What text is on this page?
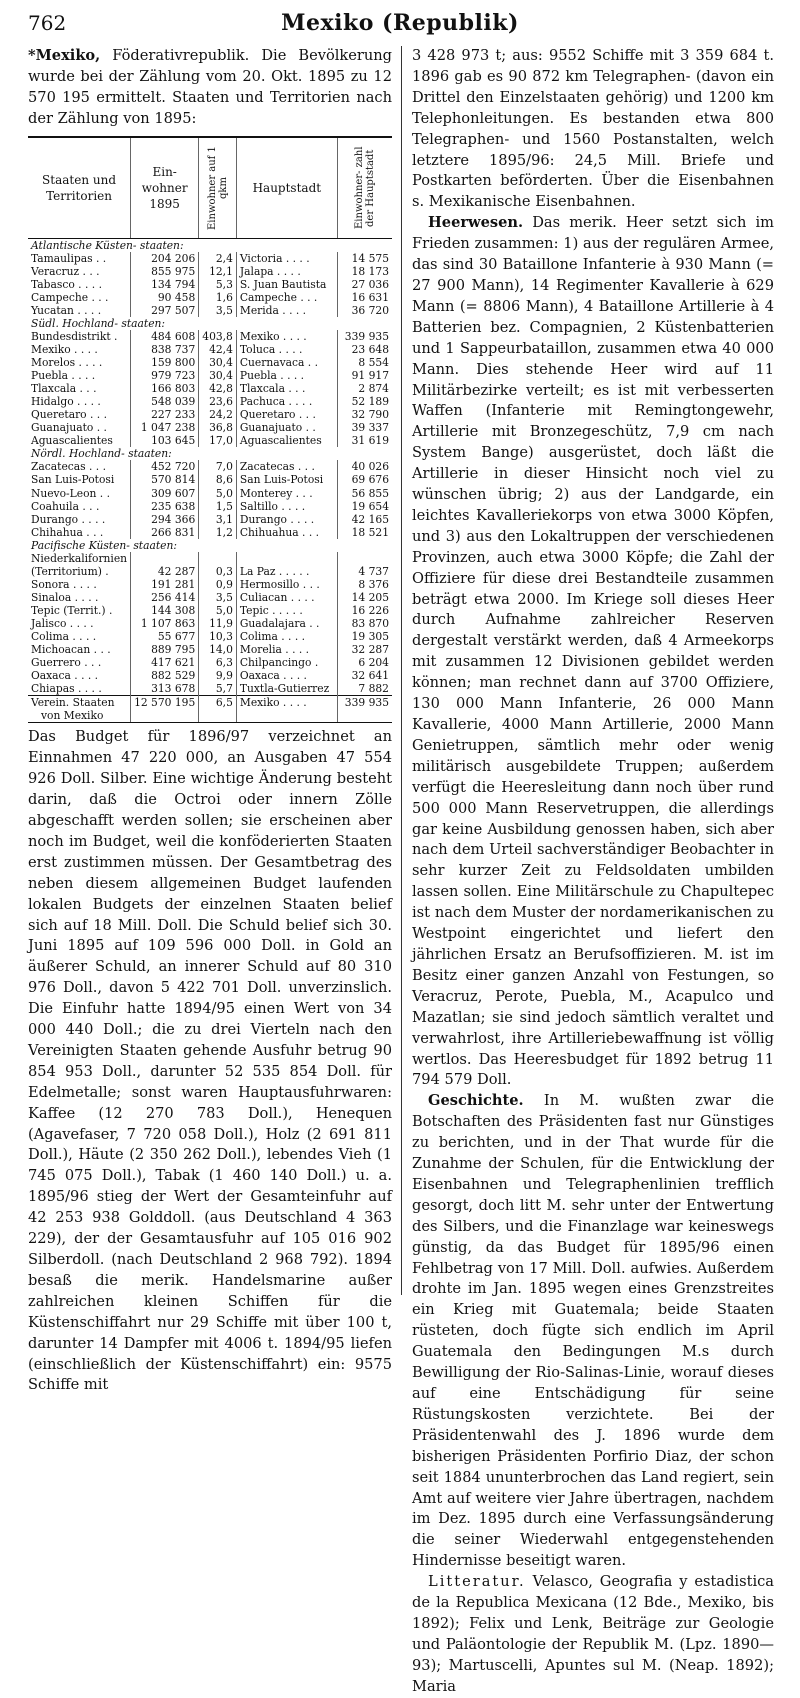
762	Mexiko (Republik)

*Mexiko, Föderativrepublik. Die Bevölkerung wurde bei der Zählung vom 20. Okt. 1895 zu 12 570 195 ermittelt. Staaten und Territorien nach der Zählung von 1895:

Staaten und Territorien	Ein- wohner 1895	Einwohner auf 1 qkm	Hauptstadt	Einwohner- zahl der Hauptstadt

Atlantische Küsten- staaten:				
Tamaulipas . .	204 206	2,4	Victoria . . . .	14 575
Veracruz . . .	855 975	12,1	Jalapa . . . .	18 173
Tabasco . . . .	134 794	5,3	S. Juan Bautista	27 036
Campeche . . .	90 458	1,6	Campeche . . .	16 631
Yucatan . . . .	297 507	3,5	Merida . . . .	36 720
Südl. Hochland- staaten:				
Bundesdistrikt .	484 608	403,8	Mexiko . . . .	339 935
Mexiko . . . .	838 737	42,4	Toluca . . . .	23 648
Morelos . . . .	159 800	30,4	Cuernavaca . .	8 554
Puebla . . . .	979 723	30,4	Puebla . . . .	91 917
Tlaxcala . . .	166 803	42,8	Tlaxcala . . .	2 874
Hidalgo . . . .	548 039	23,6	Pachuca . . . .	52 189
Queretaro . . .	227 233	24,2	Queretaro . . .	32 790
Guanajuato . .	1 047 238	36,8	Guanajuato . .	39 337
Aguascalientes	103 645	17,0	Aguascalientes	31 619
Nördl. Hochland- staaten:				
Zacatecas . . .	452 720	7,0	Zacatecas . . .	40 026
San Luis-Potosi	570 814	8,6	San Luis-Potosi	69 676
Nuevo-Leon . .	309 607	5,0	Monterey . . .	56 855
Coahuila . . .	235 638	1,5	Saltillo . . . .	19 654
Durango . . . .	294 366	3,1	Durango . . . .	42 165
Chihahua . . .	266 831	1,2	Chihuahua . . .	18 521
Pacifische Küsten- staaten:				
Niederkalifornien				
(Territorium) .	42 287	0,3	La Paz . . . . .	4 737
Sonora . . . .	191 281	0,9	Hermosillo . . .	8 376
Sinaloa . . . .	256 414	3,5	Culiacan . . . .	14 205
Tepic (Territ.) .	144 308	5,0	Tepic . . . . .	16 226
Jalisco . . . .	1 107 863	11,9	Guadalajara . .	83 870
Colima . . . .	55 677	10,3	Colima . . . .	19 305
Michoacan . . .	889 795	14,0	Morelia . . . .	32 287
Guerrero . . .	417 621	6,3	Chilpancingo .	6 204
Oaxaca . . . .	882 529	9,9	Oaxaca . . . .	32 641
Chiapas . . . .	313 678	5,7	Tuxtla-Gutierrez	7 882

Verein. Staaten
von Mexiko	12 570 195	6,5	Mexiko . . . .	339 935

Das Budget für 1896/97 verzeichnet an Einnahmen 47 220 000, an Ausgaben 47 554 926 Doll. Silber. Eine wichtige Änderung besteht darin, daß die Octroi oder innern Zölle abgeschafft werden sollen; sie erscheinen aber noch im Budget, weil die konföderierten Staaten erst zustimmen müssen. Der Gesamtbetrag des neben diesem allgemeinen Budget laufenden lokalen Budgets der einzelnen Staaten belief sich auf 18 Mill. Doll. Die Schuld belief sich 30. Juni 1895 auf 109 596 000 Doll. in Gold an äußerer Schuld, an innerer Schuld auf 80 310 976 Doll., davon 5 422 701 Doll. unverzinslich. Die Einfuhr hatte 1894/95 einen Wert von 34 000 440 Doll.; die zu drei Vierteln nach den Vereinigten Staaten gehende Ausfuhr betrug 90 854 953 Doll., darunter 52 535 854 Doll. für Edelmetalle; sonst waren Hauptausfuhrwaren: Kaffee (12 270 783 Doll.), Henequen (Agavefaser, 7 720 058 Doll.), Holz (2 691 811 Doll.), Häute (2 350 262 Doll.), lebendes Vieh (1 745 075 Doll.), Tabak (1 460 140 Doll.) u. a. 1895/96 stieg der Wert der Gesamteinfuhr auf 42 253 938 Golddoll. (aus Deutschland 4 363 229), der der Gesamtausfuhr auf 105 016 902 Silberdoll. (nach Deutschland 2 968 792). 1894 besaß die merik. Handelsmarine außer zahlreichen kleinen Schiffen für die Küstenschiffahrt nur 29 Schiffe mit über 100 t, darunter 14 Dampfer mit 4006 t. 1894/95 liefen (einschließlich der Küstenschiffahrt) ein: 9575 Schiffe mit

3 428 973 t; aus: 9552 Schiffe mit 3 359 684 t. 1896 gab es 90 872 km Telegraphen- (davon ein Drittel den Einzelstaaten gehörig) und 1200 km Telephonleitungen. Es bestanden etwa 800 Telegraphen- und 1560 Postanstalten, welch letztere 1895/96: 24,5 Mill. Briefe und Postkarten beförderten. Über die Eisenbahnen s. Mexikanische Eisenbahnen.

Heerwesen. Das merik. Heer setzt sich im Frieden zusammen: 1) aus der regulären Armee, das sind 30 Bataillone Infanterie à 930 Mann (= 27 900 Mann), 14 Regimenter Kavallerie à 629 Mann (= 8806 Mann), 4 Bataillone Artillerie à 4 Batterien bez. Compagnien, 2 Küstenbatterien und 1 Sappeurbataillon, zusammen etwa 40 000 Mann. Dies stehende Heer wird auf 11 Militärbezirke verteilt; es ist mit verbesserten Waffen (Infanterie mit Remingtongewehr, Artillerie mit Bronzegeschütz, 7,9 cm nach System Bange) ausgerüstet, doch läßt die Artillerie in dieser Hinsicht noch viel zu wünschen übrig; 2) aus der Landgarde, ein leichtes Kavalleriekorps von etwa 3000 Köpfen, und 3) aus den Lokaltruppen der verschiedenen Provinzen, auch etwa 3000 Köpfe; die Zahl der Offiziere für diese drei Bestandteile zusammen beträgt etwa 2000. Im Kriege soll dieses Heer durch Aufnahme zahlreicher Reserven dergestalt verstärkt werden, daß 4 Armeekorps mit zusammen 12 Divisionen gebildet werden können; man rechnet dann auf 3700 Offiziere, 130 000 Mann Infanterie, 26 000 Mann Kavallerie, 4000 Mann Artillerie, 2000 Mann Genietruppen, sämtlich mehr oder wenig militärisch ausgebildete Truppen; außerdem verfügt die Heeresleitung dann noch über rund 500 000 Mann Reservetruppen, die allerdings gar keine Ausbildung genossen haben, sich aber nach dem Urteil sachverständiger Beobachter in sehr kurzer Zeit zu Feldsoldaten umbilden lassen sollen. Eine Militärschule zu Chapultepec ist nach dem Muster der nordamerikanischen zu Westpoint eingerichtet und liefert den jährlichen Ersatz an Berufsoffizieren. M. ist im Besitz einer ganzen Anzahl von Festungen, so Veracruz, Perote, Puebla, M., Acapulco und Mazatlan; sie sind jedoch sämtlich veraltet und verwahrlost, ihre Artilleriebewaffnung ist völlig wertlos. Das Heeresbudget für 1892 betrug 11 794 579 Doll.

Geschichte. In M. wußten zwar die Botschaften des Präsidenten fast nur Günstiges zu berichten, und in der That wurde für die Zunahme der Schulen, für die Entwicklung der Eisenbahnen und Telegraphenlinien trefflich gesorgt, doch litt M. sehr unter der Entwertung des Silbers, und die Finanzlage war keineswegs günstig, da das Budget für 1895/96 einen Fehlbetrag von 17 Mill. Doll. aufwies. Außerdem drohte im Jan. 1895 wegen eines Grenzstreites ein Krieg mit Guatemala; beide Staaten rüsteten, doch fügte sich endlich im April Guatemala den Bedingungen M.s durch Bewilligung der Rio-Salinas-Linie, worauf dieses auf eine Entschädigung für seine Rüstungskosten verzichtete. Bei der Präsidentenwahl des J. 1896 wurde dem bisherigen Präsidenten Porfirio Diaz, der schon seit 1884 ununterbrochen das Land regiert, sein Amt auf weitere vier Jahre übertragen, nachdem im Dez. 1895 durch eine Verfassungsänderung die seiner Wiederwahl entgegenstehenden Hindernisse beseitigt waren.

Litteratur. Velasco, Geografia y estadistica de la Republica Mexicana (12 Bde., Mexiko, bis 1892); Felix und Lenk, Beiträge zur Geologie und Paläontologie der Republik M. (Lpz. 1890—93); Martuscelli, Apuntes sul M. (Neap. 1892); Maria
